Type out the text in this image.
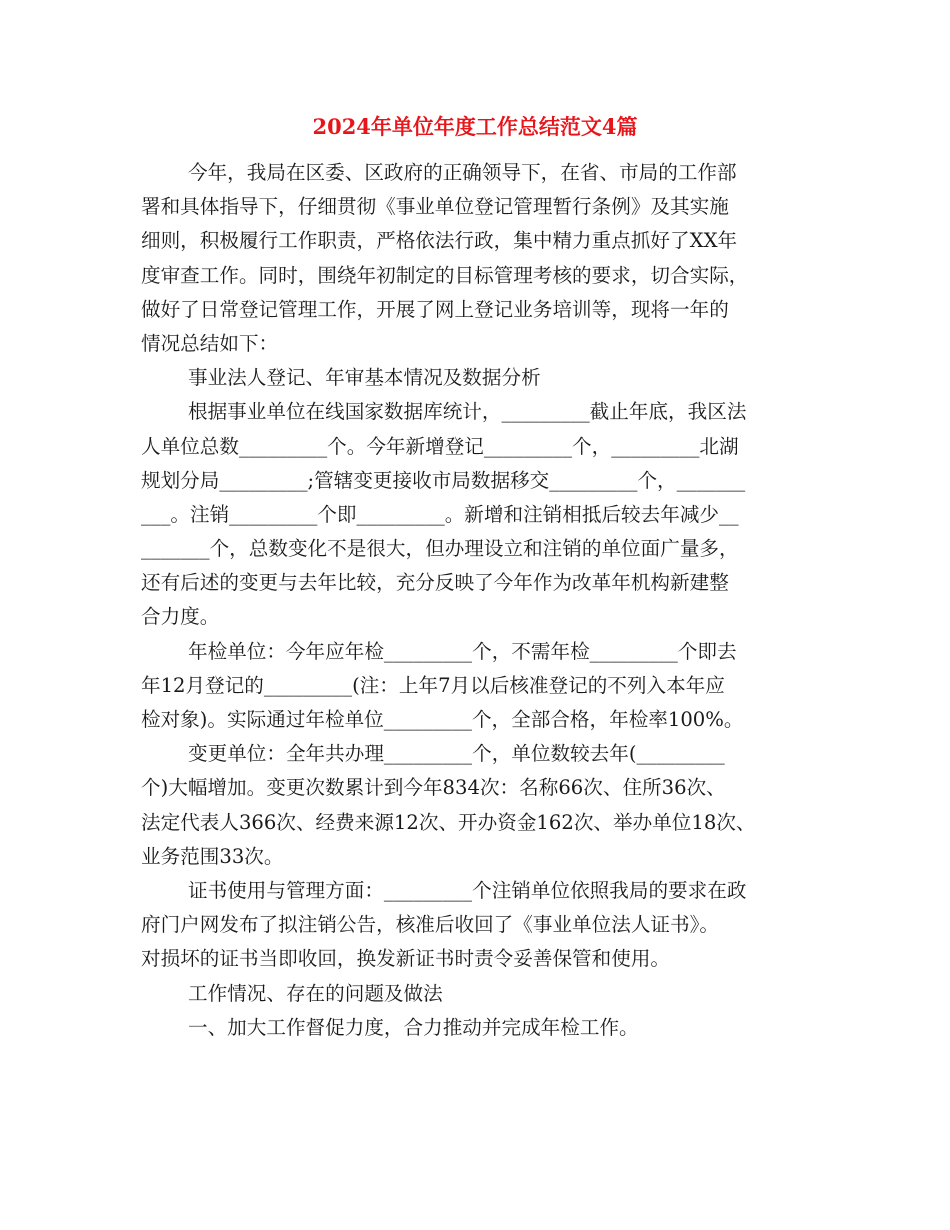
2024年单位年度工作总结范文4篇
今年，我局在区委、区政府的正确领导下，在省、市局的工作部
署和具体指导下，仔细贯彻《事业单位登记管理暂行条例》及其实施
细则，积极履行工作职责，严格依法行政，集中精力重点抓好了XX年
度审查工作。同时，围绕年初制定的目标管理考核的要求，切合实际，
做好了日常登记管理工作，开展了网上登记业务培训等，现将一年的
情况总结如下：
事业法人登记、年审基本情况及数据分析
根据事业单位在线国家数据库统计，_________截止年底，我区法
人单位总数_________个。今年新增登记_________个，_________北湖
规划分局_________;管辖变更接收市局数据移交_________个，_______
___。注销_________个即_________。新增和注销相抵后较去年减少__
_______个，总数变化不是很大，但办理设立和注销的单位面广量多，
还有后述的变更与去年比较，充分反映了今年作为改革年机构新建整
合力度。
年检单位：今年应年检_________个，不需年检_________个即去
年12月登记的_________(注：上年7月以后核准登记的不列入本年应
检对象)。实际通过年检单位_________个，全部合格，年检率100%。
变更单位：全年共办理_________个，单位数较去年(_________
个)大幅增加。变更次数累计到今年834次：名称66次、住所36次、
法定代表人366次、经费来源12次、开办资金162次、举办单位18次、
业务范围33次。
证书使用与管理方面：_________个注销单位依照我局的要求在政
府门户网发布了拟注销公告，核准后收回了《事业单位法人证书》。
对损坏的证书当即收回，换发新证书时责令妥善保管和使用。
工作情况、存在的问题及做法
一、加大工作督促力度，合力推动并完成年检工作。
